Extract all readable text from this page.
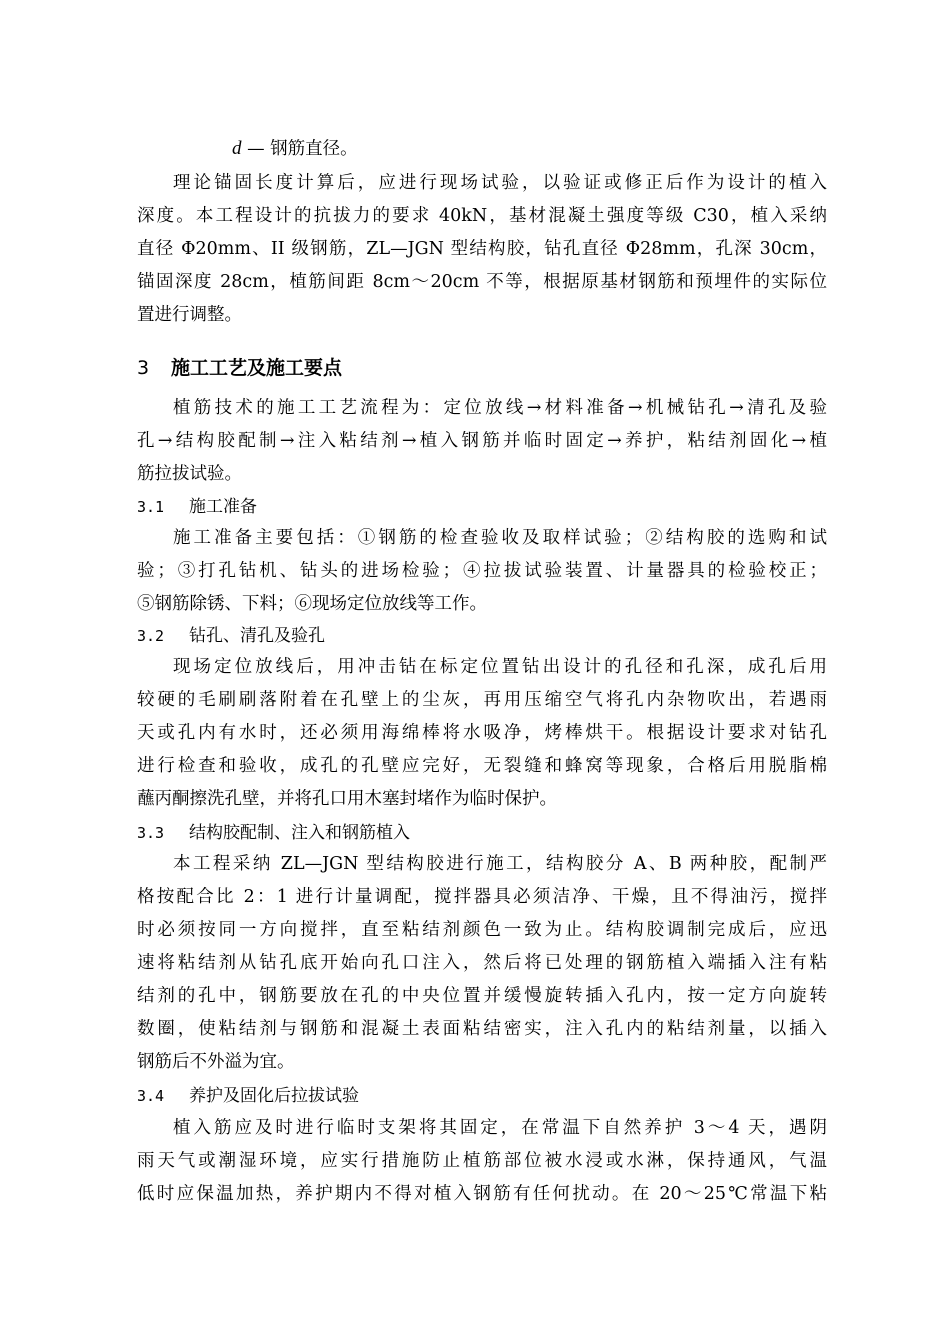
d — 钢筋直径。
理论锚固长度计算后，应进行现场试验，以验证或修正后作为设计的植入
深度。本工程设计的抗拔力的要求 40kN，基材混凝土强度等级 C30，植入采纳
直径 Φ20mm、II 级钢筋，ZL—JGN 型结构胶，钻孔直径 Φ28mm，孔深 30cm，
锚固深度 28cm，植筋间距 8cm～20cm 不等，根据原基材钢筋和预埋件的实际位
置进行调整。
3 施工工艺及施工要点
植筋技术的施工工艺流程为：定位放线→材料准备→机械钻孔→清孔及验
孔→结构胶配制→注入粘结剂→植入钢筋并临时固定→养护，粘结剂固化→植
筋拉拔试验。
3.1 施工准备
施工准备主要包括：①钢筋的检查验收及取样试验；②结构胶的选购和试
验；③打孔钻机、钻头的进场检验；④拉拔试验装置、计量器具的检验校正；
⑤钢筋除锈、下料；⑥现场定位放线等工作。
3.2 钻孔、清孔及验孔
现场定位放线后，用冲击钻在标定位置钻出设计的孔径和孔深，成孔后用
较硬的毛刷刷落附着在孔壁上的尘灰，再用压缩空气将孔内杂物吹出，若遇雨
天或孔内有水时，还必须用海绵棒将水吸净，烤棒烘干。根据设计要求对钻孔
进行检查和验收，成孔的孔壁应完好，无裂缝和蜂窝等现象，合格后用脱脂棉
蘸丙酮擦洗孔壁，并将孔口用木塞封堵作为临时保护。
3.3 结构胶配制、注入和钢筋植入
本工程采纳 ZL—JGN 型结构胶进行施工，结构胶分 A、B 两种胶，配制严
格按配合比 2：1 进行计量调配，搅拌器具必须洁净、干燥，且不得油污，搅拌
时必须按同一方向搅拌，直至粘结剂颜色一致为止。结构胶调制完成后，应迅
速将粘结剂从钻孔底开始向孔口注入，然后将已处理的钢筋植入端插入注有粘
结剂的孔中，钢筋要放在孔的中央位置并缓慢旋转插入孔内，按一定方向旋转
数圈，使粘结剂与钢筋和混凝土表面粘结密实，注入孔内的粘结剂量，以插入
钢筋后不外溢为宜。
3.4 养护及固化后拉拔试验
植入筋应及时进行临时支架将其固定，在常温下自然养护 3～4 天，遇阴
雨天气或潮湿环境，应实行措施防止植筋部位被水浸或水淋，保持通风，气温
低时应保温加热，养护期内不得对植入钢筋有任何扰动。在 20～25℃常温下粘
